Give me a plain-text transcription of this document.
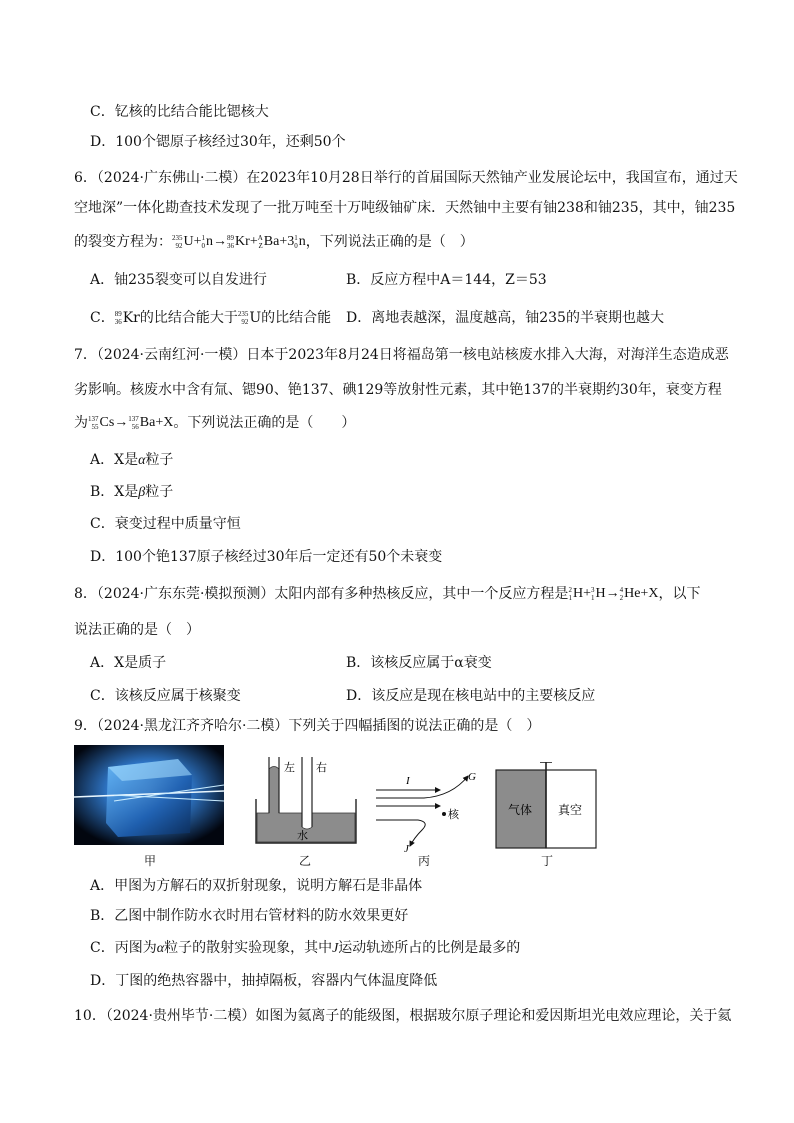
C．钇核的比结合能比锶核大
D．100个锶原子核经过30年，还剩50个
6．（2024·广东佛山·二模）在2023年10月28日举行的首届国际天然铀产业发展论坛中，我国宣布，通过天
空地深”一体化勘查技术发现了一批万吨至十万吨级铀矿床．天然铀中主要有铀238和铀235，其中，铀235
的裂变方程为： 235
92 U+ 1
0 n→ 89
36 Kr+ A
Z Ba+3 1
0 n，下列说法正确的是（　）
A．铀235裂变可以自发进行	B．反应方程中A＝144，Z＝53
C． 89
36 Kr的比结合能大于 235
92 U的比结合能 D．离地表越深，温度越高，铀235的半衰期也越大
7．（2024·云南红河·一模）日本于2023年8月24日将福岛第一核电站核废水排入大海，对海洋生态造成恶
劣影响。核废水中含有氚、锶90、铯137、碘129等放射性元素，其中铯137的半衰期约30年，衰变方程
为 137
55 Cs→ 137
56 Ba+X。下列说法正确的是（　　）
A．X是α粒子
B．X是β粒子
C．衰变过程中质量守恒
D．100个铯137原子核经过30年后一定还有50个未衰变
8．（2024·广东东莞·模拟预测）太阳内部有多种热核反应，其中一个反应方程是 2
1 H+ 3
1 H→ 4
2 He+X，以下
说法正确的是（　）
A．X是质子	B．该核反应属于α衰变
C．该核反应属于核聚变	D．该反应是现在核电站中的主要核反应
9．（2024·黑龙江齐齐哈尔·二模）下列关于四幅插图的说法正确的是（　）
甲
左 右
水
乙
I	G
核
J
丙
气体 真空
丁
A．甲图为方解石的双折射现象，说明方解石是非晶体
B．乙图中制作防水衣时用右管材料的防水效果更好
C．丙图为α粒子的散射实验现象，其中J运动轨迹所占的比例是最多的
D．丁图的绝热容器中，抽掉隔板，容器内气体温度降低
10．（2024·贵州毕节·二模）如图为氦离子的能级图，根据玻尔原子理论和爱因斯坦光电效应理论，关于氦
